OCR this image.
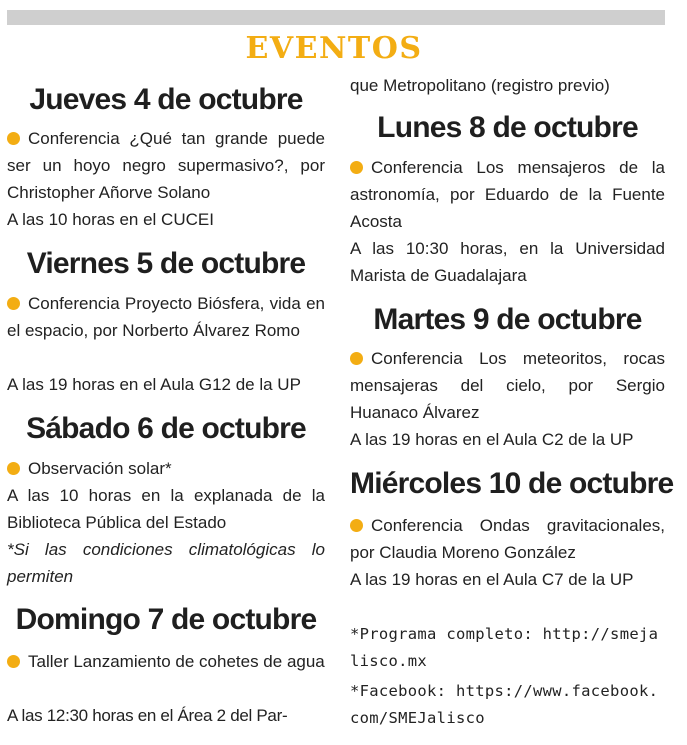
EVENTOS
Jueves 4 de octubre
Conferencia ¿Qué tan grande puede ser un hoyo negro supermasivo?, por Christopher Añorve Solano
A las 10 horas en el CUCEI
Viernes 5 de octubre
Conferencia Proyecto Biósfera, vida en el espacio, por Norberto Álvarez Romo
A las 19 horas en el Aula G12 de la UP
Sábado 6 de octubre
Observación solar*
A las 10 horas en la explanada de la Biblioteca Pública del Estado
*Si las condiciones climatológicas lo permiten
Domingo 7 de octubre
Taller Lanzamiento de cohetes de agua
A las 12:30 horas en el Área 2 del Par-
que Metropolitano (registro previo)
Lunes 8 de octubre
Conferencia Los mensajeros de la astronomía, por Eduardo de la Fuente Acosta
A las 10:30 horas, en la Universidad Marista de Guadalajara
Martes 9 de octubre
Conferencia Los meteoritos, rocas mensajeras del cielo, por Sergio Huanaco Álvarez
A las 19 horas en el Aula C2 de la UP
Miércoles 10 de octubre
Conferencia Ondas gravitacionales, por Claudia Moreno González
A las 19 horas en el Aula C7 de la UP
*Programa completo: http://smejalisco.mx
*Facebook: https://www.facebook.com/SMEJalisco
